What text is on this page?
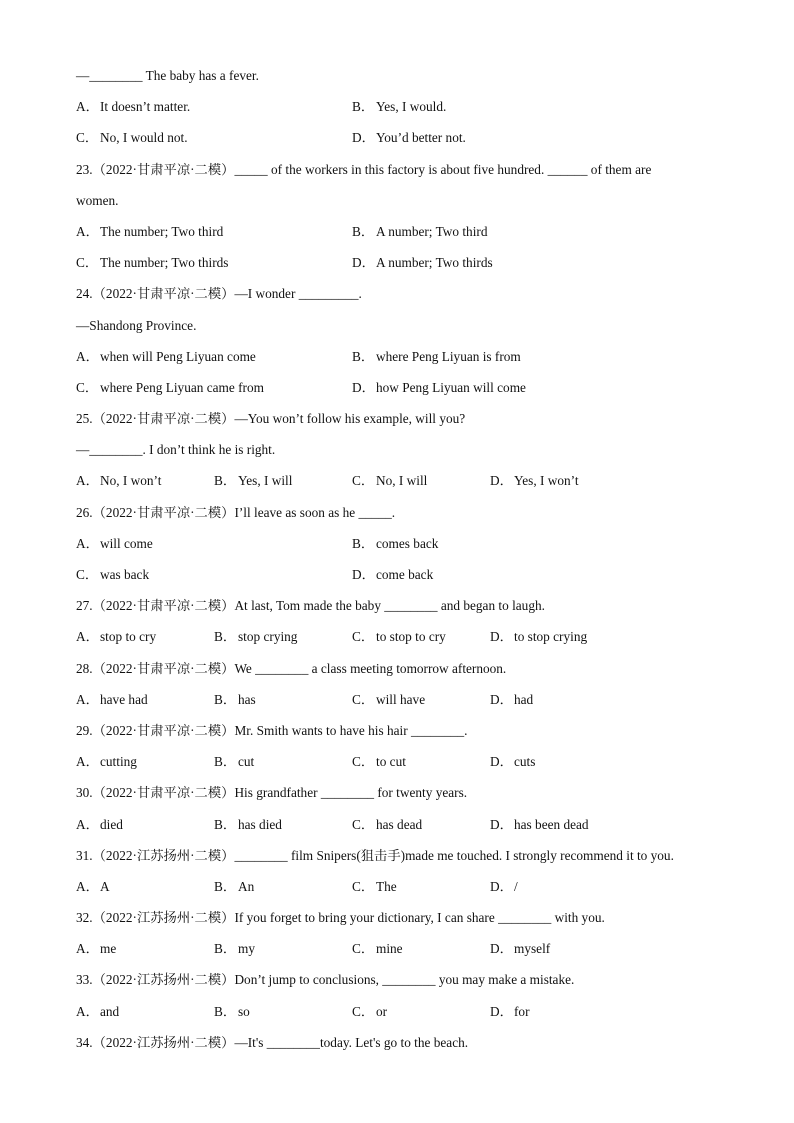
—________ The baby has a fever.
A．It doesn’t matter.	B． Yes, I would.
C． No, I would not.	D．You’d better not.
23.（2022·甘肃平凉·二模）_____ of the workers in this factory is about five hundred. ______ of them are
women.
A．The number; Two third	B． A number; Two third
C． The number; Two thirds	D．A number; Two thirds
24.（2022·甘肃平凉·二模）—I wonder _________.
—Shandong Province.
A．when will Peng Liyuan come	B． where Peng Liyuan is from
C． where Peng Liyuan came from	D．how Peng Liyuan will come
25.（2022·甘肃平凉·二模）—You won’t follow his example, will you?
—________. I don’t think he is right.
A．No, I won’t	B． Yes, I will	C． No, I will	D．Yes, I won’t
26.（2022·甘肃平凉·二模）I’ll leave as soon as he _____.
A．will come	B． comes back
C． was back	D．come back
27.（2022·甘肃平凉·二模）At last, Tom made the baby ________ and began to laugh.
A．stop to cry	B． stop crying	C． to stop to cry	D．to stop crying
28.（2022·甘肃平凉·二模）We ________ a class meeting tomorrow afternoon.
A．have had	B． has	C． will have	D．had
29.（2022·甘肃平凉·二模）Mr. Smith wants to have his hair ________.
A．cutting	B． cut	C． to cut	D．cuts
30.（2022·甘肃平凉·二模）His grandfather ________ for twenty years.
A．died	B． has died	C． has dead	D．has been dead
31.（2022·江苏扬州·二模）________ film Snipers(狙击手)made me touched. I strongly recommend it to you.
A．A	B． An	C． The	D．/
32.（2022·江苏扬州·二模）If you forget to bring your dictionary, I can share ________ with you.
A．me	B． my	C． mine	D．myself
33.（2022·江苏扬州·二模）Don’t jump to conclusions, ________ you may make a mistake.
A．and	B． so	C． or	D．for
34.（2022·江苏扬州·二模）—It's ________today. Let's go to the beach.
